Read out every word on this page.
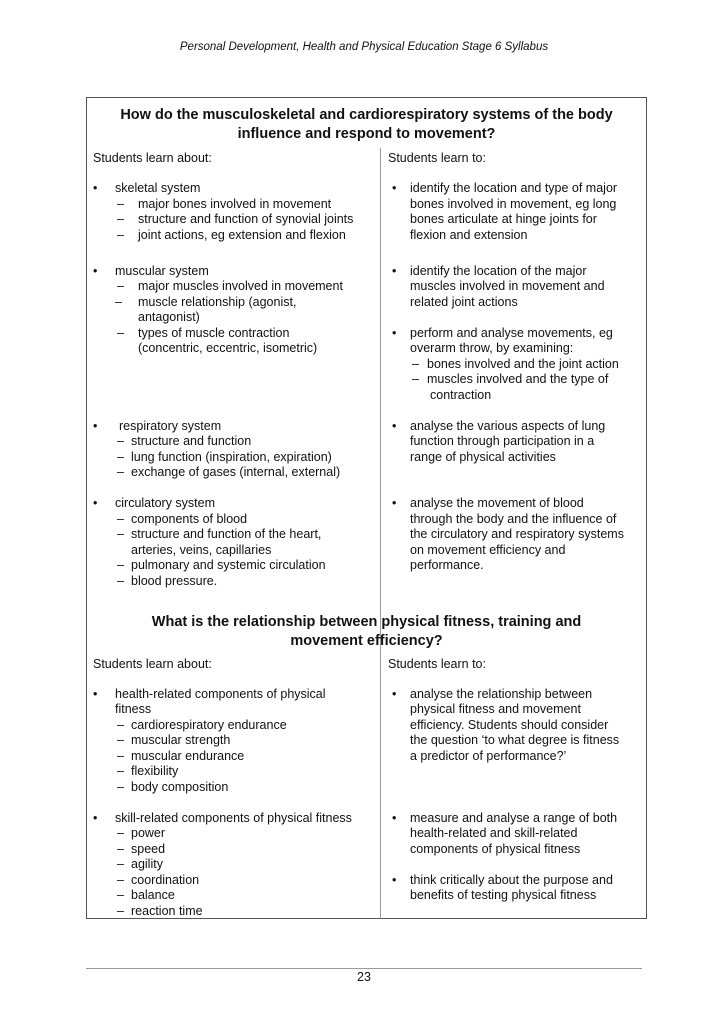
Personal Development, Health and Physical Education Stage 6 Syllabus
How do the musculoskeletal and cardiorespiratory systems of the body
influence and respond to movement?
Students learn about:	Students learn to:
• skeletal system
– major bones involved in movement
– structure and function of synovial joints
– joint actions, eg extension and flexion
• muscular system
– major muscles involved in movement
– muscle relationship (agonist,
antagonist)
– types of muscle contraction
(concentric, eccentric, isometric)
• respiratory system
– structure and function
– lung function (inspiration, expiration)
– exchange of gases (internal, external)
• circulatory system
– components of blood
– structure and function of the heart,
arteries, veins, capillaries
– pulmonary and systemic circulation
– blood pressure.
• identify the location and type of major
bones involved in movement, eg long
bones articulate at hinge joints for
flexion and extension
• identify the location of the major
muscles involved in movement and
related joint actions
• perform and analyse movements, eg
overarm throw, by examining:
– bones involved and the joint action
– muscles involved and the type of
contraction
• analyse the various aspects of lung
function through participation in a
range of physical activities
• analyse the movement of blood
through the body and the influence of
the circulatory and respiratory systems
on movement efficiency and
performance.
What is the relationship between physical fitness, training and
movement efficiency?
Students learn about:	Students learn to:
• health-related components of physical
fitness
– cardiorespiratory endurance
– muscular strength
– muscular endurance
– flexibility
– body composition
• skill-related components of physical fitness
– power
– speed
– agility
– coordination
– balance
– reaction time
• analyse the relationship between
physical fitness and movement
efficiency. Students should consider
the question ‘to what degree is fitness
a predictor of performance?’
• measure and analyse a range of both
health-related and skill-related
components of physical fitness
• think critically about the purpose and
benefits of testing physical fitness
23
